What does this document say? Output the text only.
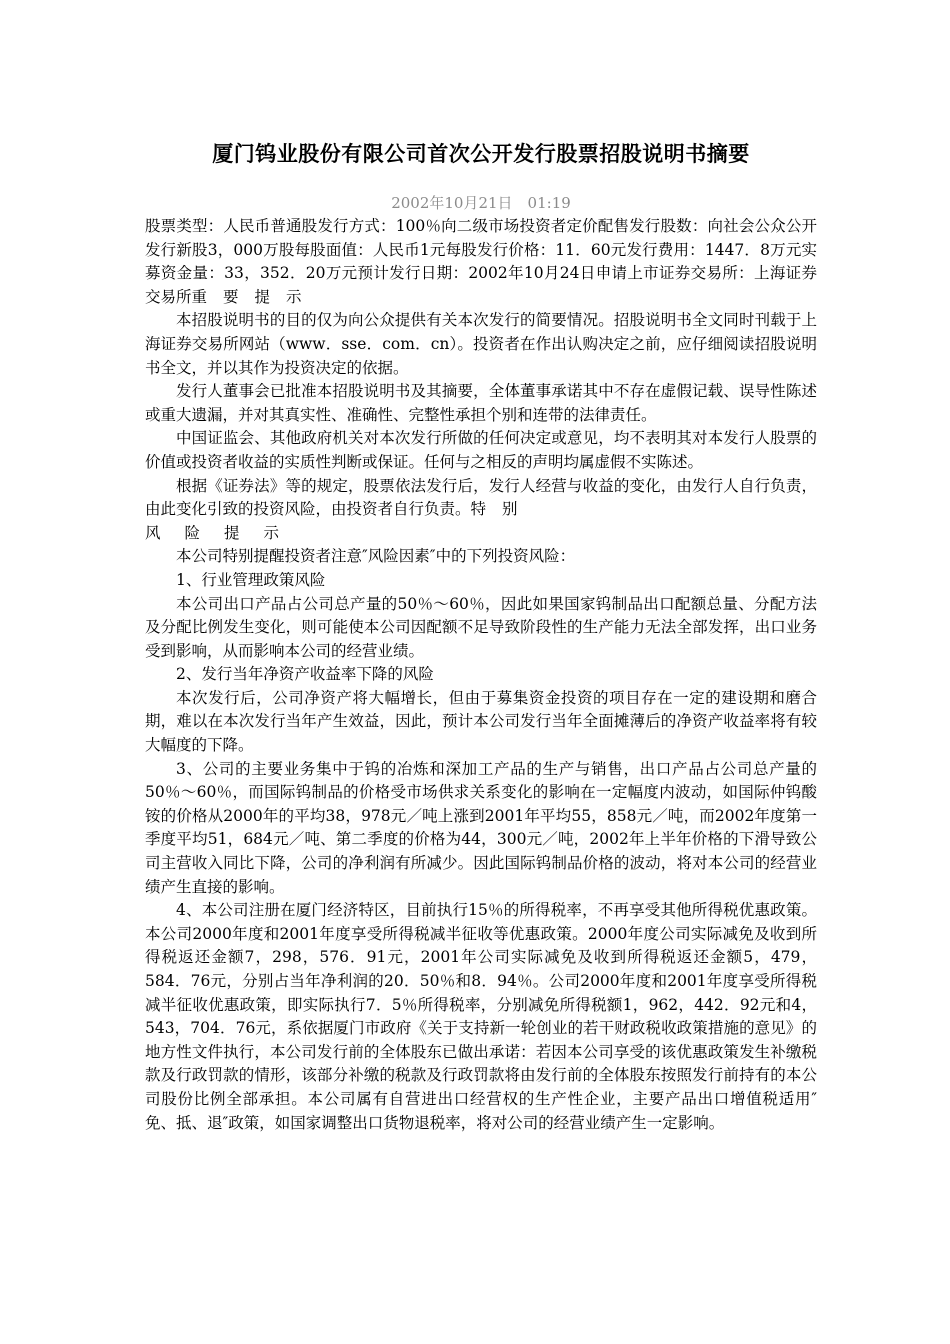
厦门钨业股份有限公司首次公开发行股票招股说明书摘要
2002年10月21日　01:19

股票类型：人民币普通股发行方式：100％向二级市场投资者定价配售发行股数：向社会公众公开发行新股3，000万股每股面值：人民币1元每股发行价格：11．60元发行费用：1447．8万元实募资金量：33，352．20万元预计发行日期：2002年10月24日申请上市证券交易所：上海证券交易所重要提示

本招股说明书的目的仅为向公众提供有关本次发行的简要情况。招股说明书全文同时刊载于上海证券交易所网站（www．sse．com．cn）。投资者在作出认购决定之前，应仔细阅读招股说明书全文，并以其作为投资决定的依据。

发行人董事会已批准本招股说明书及其摘要，全体董事承诺其中不存在虚假记载、误导性陈述或重大遗漏，并对其真实性、准确性、完整性承担个别和连带的法律责任。

中国证监会、其他政府机关对本次发行所做的任何决定或意见，均不表明其对本发行人股票的价值或投资者收益的实质性判断或保证。任何与之相反的声明均属虚假不实陈述。

根据《证券法》等的规定，股票依法发行后，发行人经营与收益的变化，由发行人自行负责，由此变化引致的投资风险，由投资者自行负责。特别

风险提示

本公司特别提醒投资者注意″风险因素″中的下列投资风险：

1、行业管理政策风险

本公司出口产品占公司总产量的50％～60％，因此如果国家钨制品出口配额总量、分配方法及分配比例发生变化，则可能使本公司因配额不足导致阶段性的生产能力无法全部发挥，出口业务受到影响，从而影响本公司的经营业绩。

2、发行当年净资产收益率下降的风险

本次发行后，公司净资产将大幅增长，但由于募集资金投资的项目存在一定的建设期和磨合期，难以在本次发行当年产生效益，因此，预计本公司发行当年全面摊薄后的净资产收益率将有较大幅度的下降。

3、公司的主要业务集中于钨的冶炼和深加工产品的生产与销售，出口产品占公司总产量的50％～60％，而国际钨制品的价格受市场供求关系变化的影响在一定幅度内波动，如国际仲钨酸铵的价格从2000年的平均38，978元／吨上涨到2001年平均55，858元／吨，而2002年度第一季度平均51，684元／吨、第二季度的价格为44，300元／吨，2002年上半年价格的下滑导致公司主营收入同比下降，公司的净利润有所减少。因此国际钨制品价格的波动，将对本公司的经营业绩产生直接的影响。

4、本公司注册在厦门经济特区，目前执行15％的所得税率，不再享受其他所得税优惠政策。本公司2000年度和2001年度享受所得税减半征收等优惠政策。2000年度公司实际减免及收到所得税返还金额7，298，576．91元，2001年公司实际减免及收到所得税返还金额5，479，584．76元，分别占当年净利润的20．50％和8．94％。公司2000年度和2001年度享受所得税减半征收优惠政策，即实际执行7．5％所得税率，分别减免所得税额1，962，442．92元和4，543，704．76元，系依据厦门市政府《关于支持新一轮创业的若干财政税收政策措施的意见》的地方性文件执行，本公司发行前的全体股东已做出承诺：若因本公司享受的该优惠政策发生补缴税款及行政罚款的情形，该部分补缴的税款及行政罚款将由发行前的全体股东按照发行前持有的本公司股份比例全部承担。本公司属有自营进出口经营权的生产性企业，主要产品出口增值税适用″免、抵、退″政策，如国家调整出口货物退税率，将对公司的经营业绩产生一定影响。
